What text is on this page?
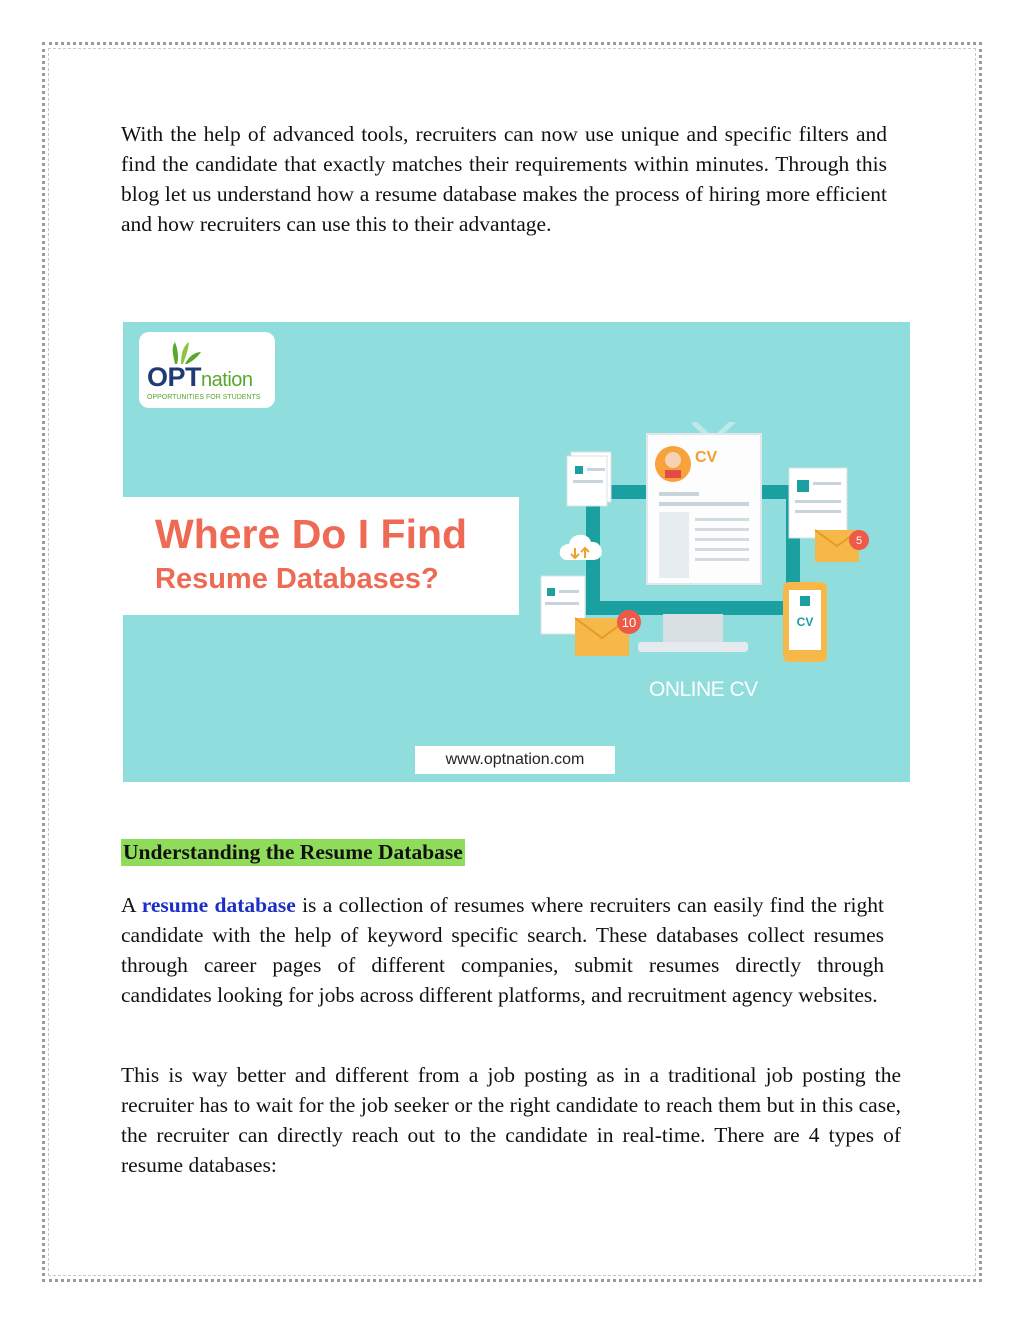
With the help of advanced tools, recruiters can now use unique and specific filters and find the candidate that exactly matches their requirements within minutes. Through this blog let us understand how a resume database makes the process of hiring more efficient and how recruiters can use this to their advantage.

OPTnation
OPPORTUNITIES FOR STUDENTS
Where Do I Find
Resume Databases?
CV
10
5
CV
ONLINE CV
www.optnation.com
Understanding the Resume Database

A resume database is a collection of resumes where recruiters can easily find the right candidate with the help of keyword specific search. These databases collect resumes through career pages of different companies, submit resumes directly through candidates looking for jobs across different platforms, and recruitment agency websites.

This is way better and different from a job posting as in a traditional job posting the recruiter has to wait for the job seeker or the right candidate to reach them but in this case, the recruiter can directly reach out to the candidate in real-time. There are 4 types of resume databases:
